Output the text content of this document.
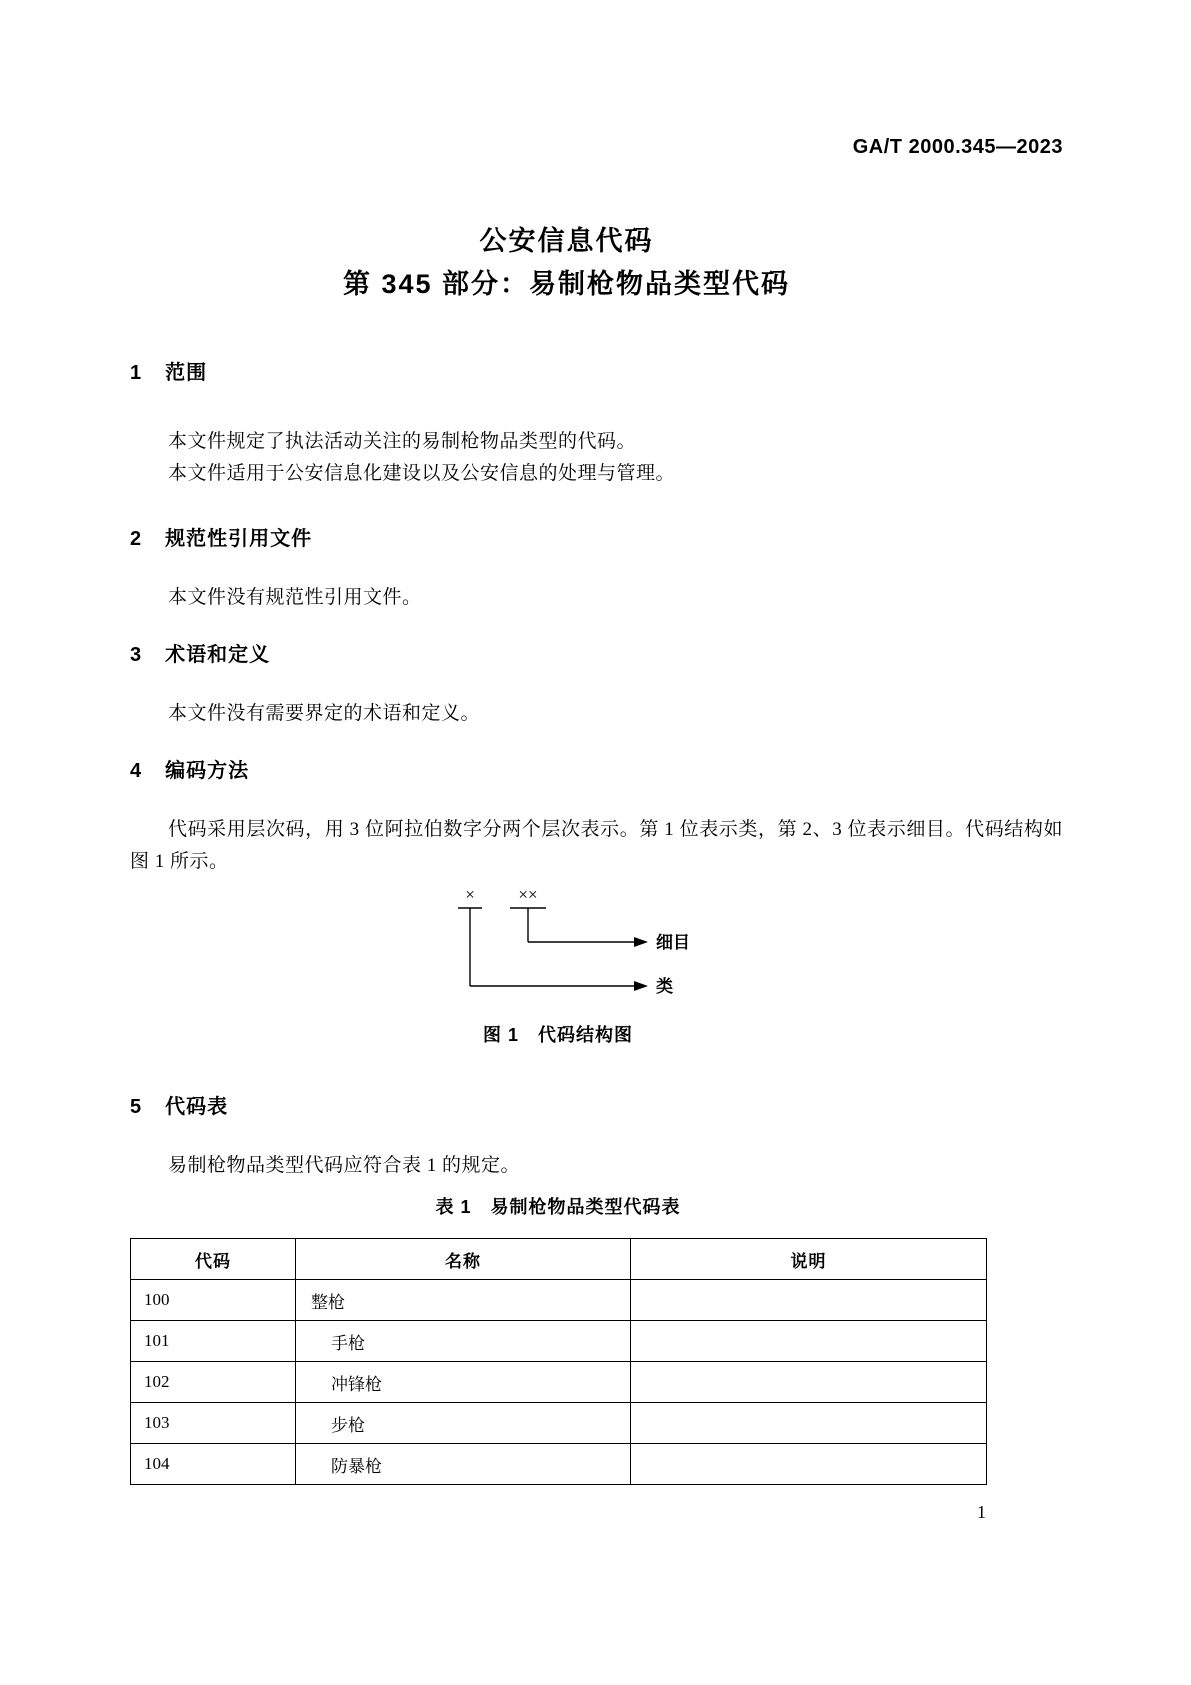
GA/T 2000.345—2023
公安信息代码
第 345 部分：易制枪物品类型代码
1 范围
本文件规定了执法活动关注的易制枪物品类型的代码。
本文件适用于公安信息化建设以及公安信息的处理与管理。
2 规范性引用文件
本文件没有规范性引用文件。
3 术语和定义
本文件没有需要界定的术语和定义。
4 编码方法
代码采用层次码，用 3 位阿拉伯数字分两个层次表示。第 1 位表示类，第 2、3 位表示细目。代码结构如图 1 所示。
×	××
细目
类
图 1　代码结构图
5 代码表
易制枪物品类型代码应符合表 1 的规定。
表 1　易制枪物品类型代码表
代码	名称	说明
100	整枪	
101	手枪	
102	冲锋枪	
103	步枪	
104	防暴枪	
1
